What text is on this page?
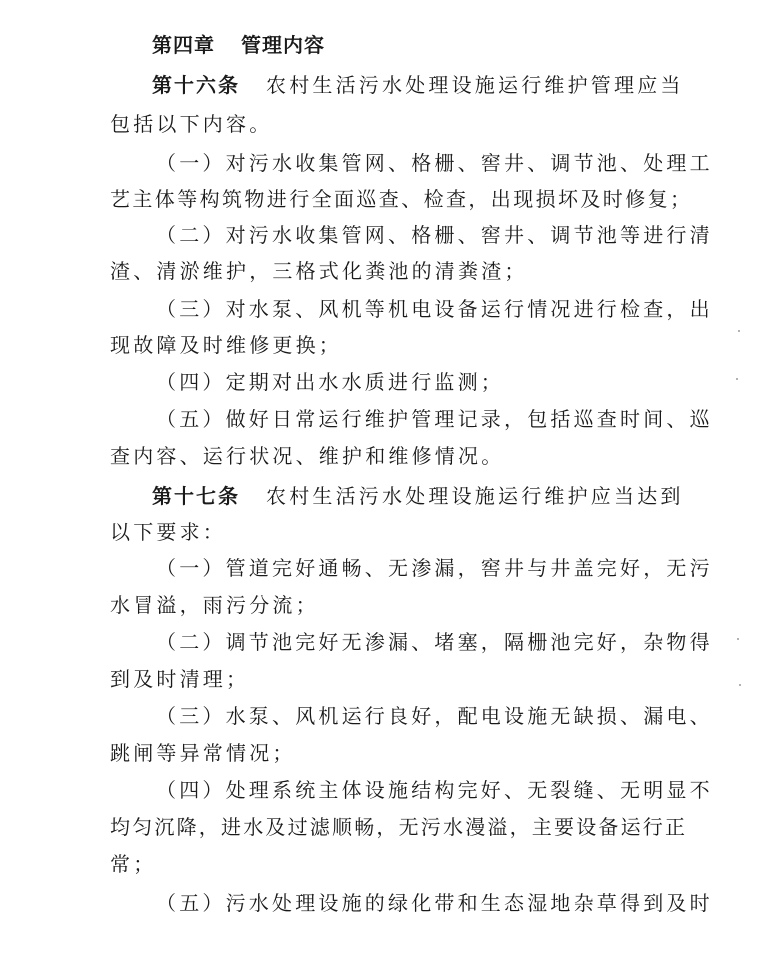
第四章 管理内容
第十六条 农村生活污水处理设施运行维护管理应当
包括以下内容。
（一）对污水收集管网、格栅、窖井、调节池、处理工
艺主体等构筑物进行全面巡查、检查，出现损坏及时修复；
（二）对污水收集管网、格栅、窖井、调节池等进行清
渣、清淤维护，三格式化粪池的清粪渣；
（三）对水泵、风机等机电设备运行情况进行检查，出
现故障及时维修更换；
（四）定期对出水水质进行监测；
（五）做好日常运行维护管理记录，包括巡查时间、巡
查内容、运行状况、维护和维修情况。
第十七条 农村生活污水处理设施运行维护应当达到
以下要求：
（一）管道完好通畅、无渗漏，窖井与井盖完好，无污
水冒溢，雨污分流；
（二）调节池完好无渗漏、堵塞，隔栅池完好，杂物得
到及时清理；
（三）水泵、风机运行良好，配电设施无缺损、漏电、
跳闸等异常情况；
（四）处理系统主体设施结构完好、无裂缝、无明显不
均匀沉降，进水及过滤顺畅，无污水漫溢，主要设备运行正
常；
（五）污水处理设施的绿化带和生态湿地杂草得到及时
